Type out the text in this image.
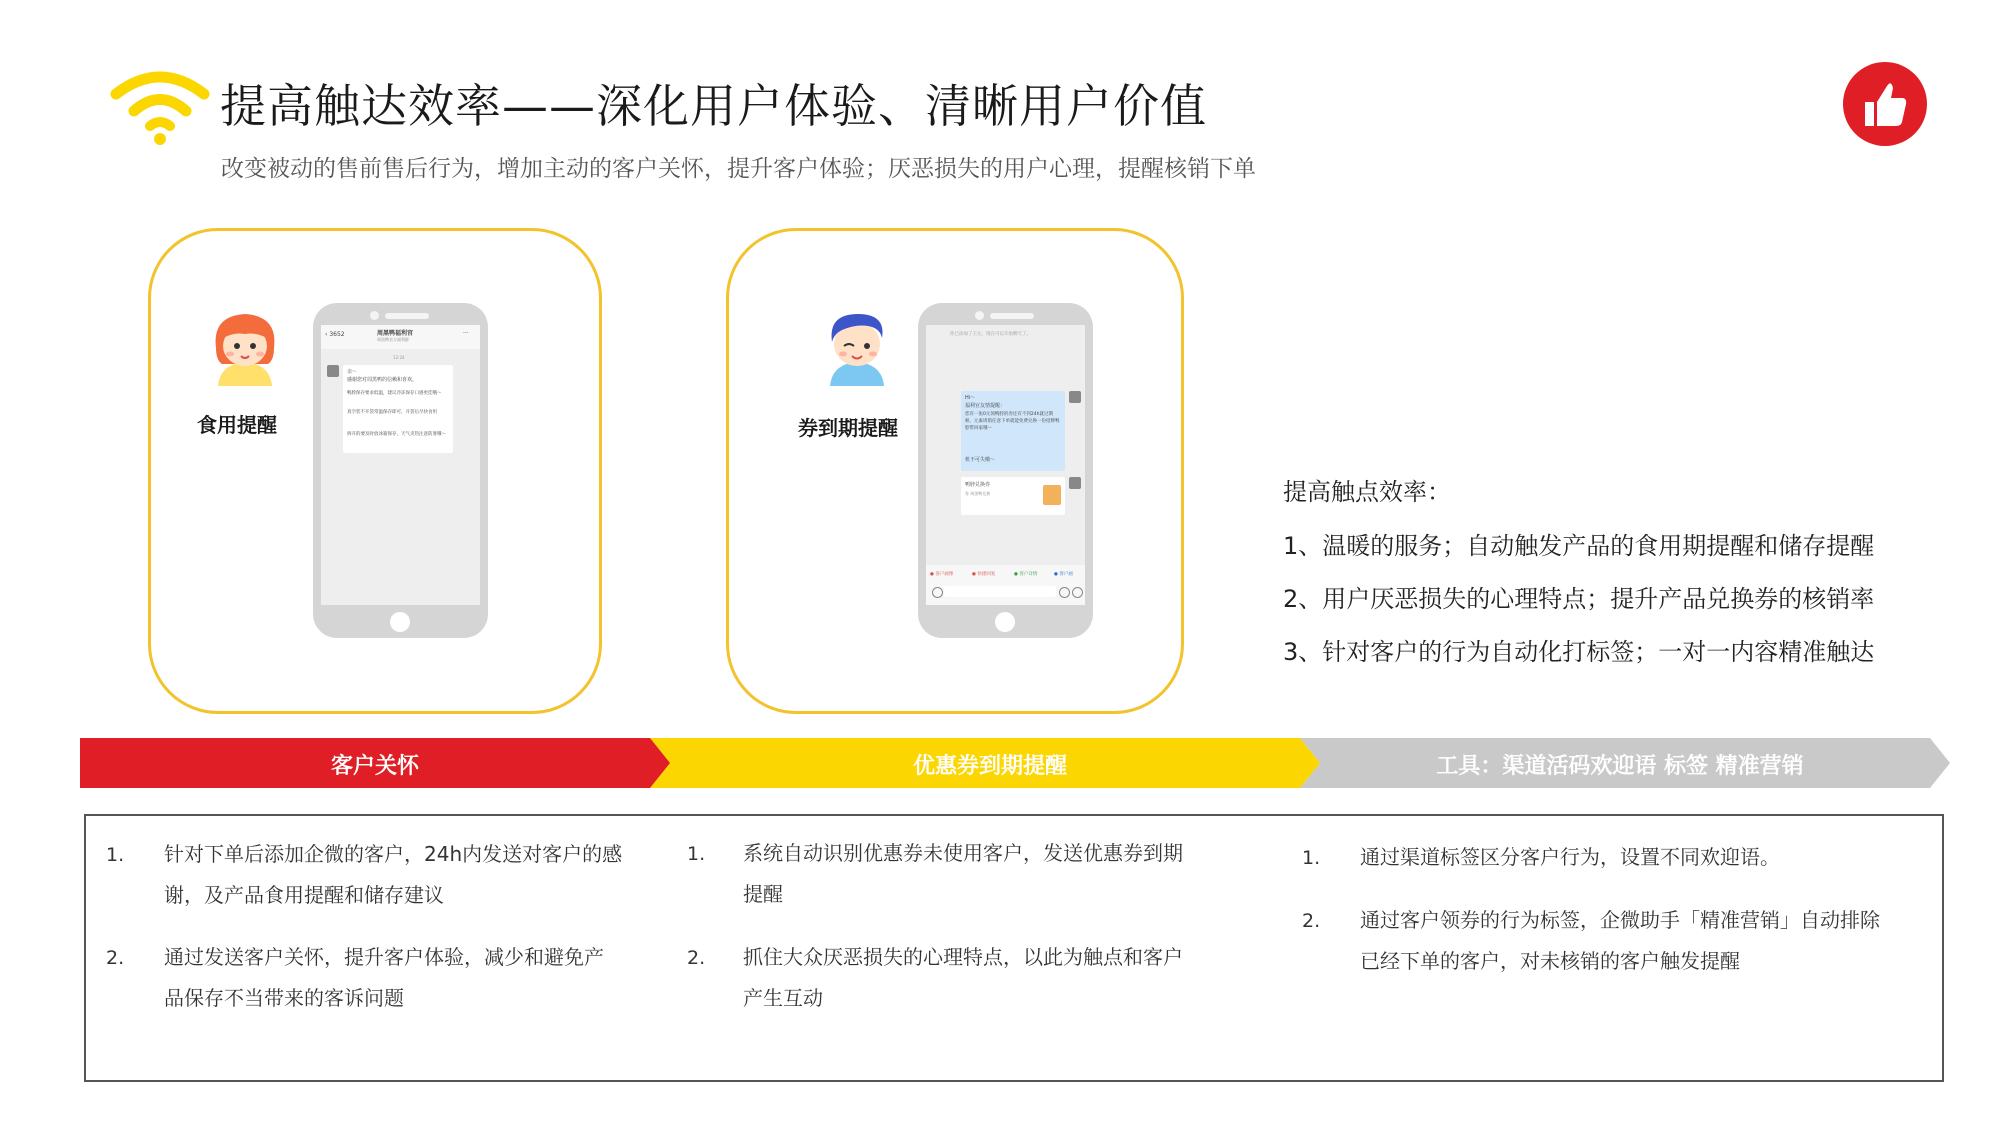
提高触达效率——深化用户体验、清晰用户价值
改变被动的售前售后行为，增加主动的客户关怀，提升客户体验；厌恶损失的用户心理，提醒核销下单
食用提醒
‹ 3652	周黑鸭福利官
周黑鸭官方福利群
···
12:24
亲～
感谢您对周黑鸭的信赖和喜欢。
鸭脖保存要求低温，建议冷冻保存口感更佳哦～
真空装不开袋常温保存即可，开袋后尽快食用
拆开的要及时放冰箱保存，天气炎热注意防暑哦～	券到期提醒
你已添加了王元，现在可以开始聊天了。
Hi～
福利官友情提醒：
您有一张0元领鸭脖的券还有不到24h就过期啦，元素周销任意下单就能免费兑换一份招牌鸭脖带回家哦～
机不可失哦～
鸭脖兑换券
券 周黑鸭兑换
● 客户画像	● 快捷回复	● 客户详情	● 客户画
提高触点效率：
1、温暖的服务；自动触发产品的食用期提醒和储存提醒
2、用户厌恶损失的心理特点；提升产品兑换券的核销率
3、针对客户的行为自动化打标签；一对一内容精准触达
客户关怀	优惠券到期提醒	工具：渠道活码欢迎语 标签 精准营销
1. 针对下单后添加企微的客户，24h内发送对客户的感
谢，及产品食用提醒和储存建议
2. 通过发送客户关怀，提升客户体验，减少和避免产
品保存不当带来的客诉问题
1. 系统自动识别优惠券未使用客户，发送优惠券到期
提醒
2. 抓住大众厌恶损失的心理特点，以此为触点和客户
产生互动
1. 通过渠道标签区分客户行为，设置不同欢迎语。
2. 通过客户领券的行为标签，企微助手「精准营销」自动排除
已经下单的客户，对未核销的客户触发提醒
